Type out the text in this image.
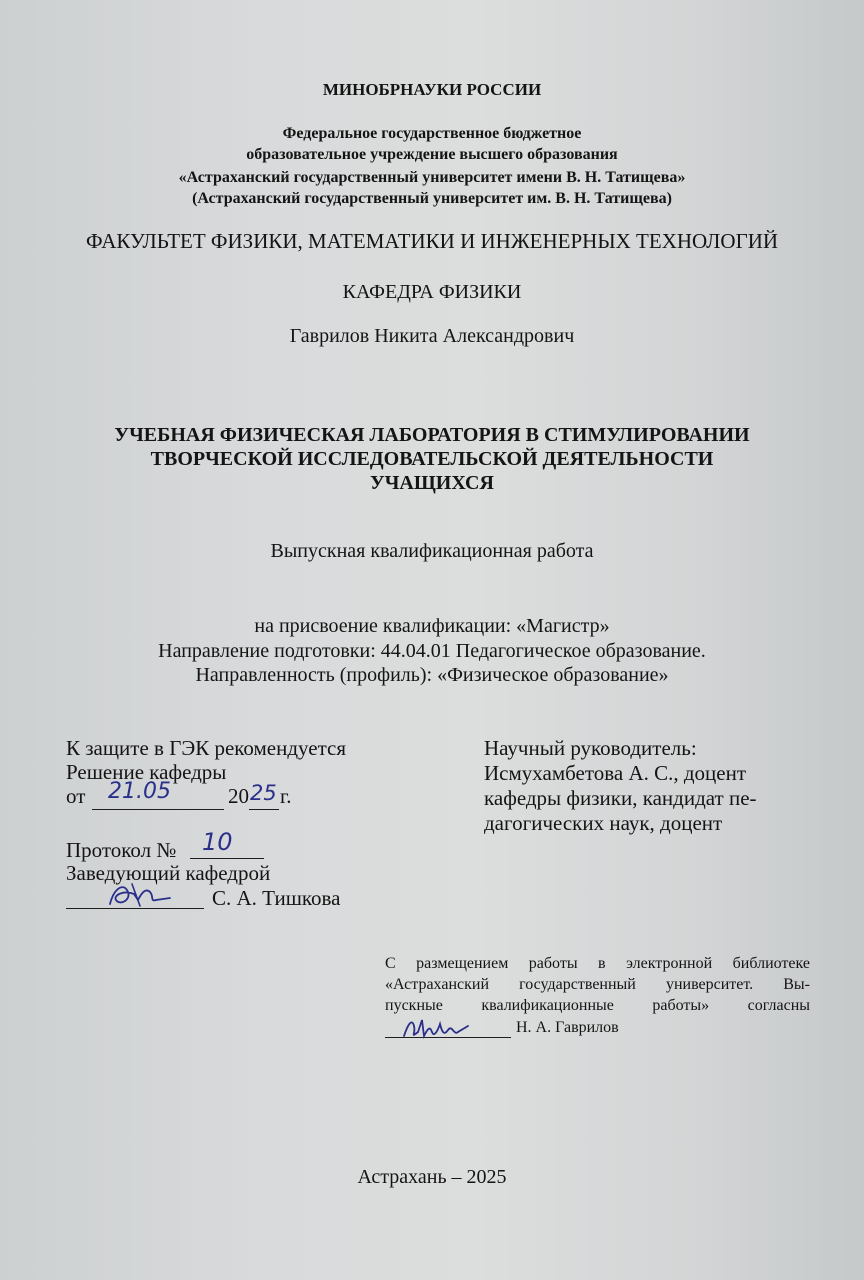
МИНОБРНАУКИ РОССИИ
Федеральное государственное бюджетное
образовательное учреждение высшего образования
«Астраханский государственный университет имени В. Н. Татищева»
(Астраханский государственный университет им. В. Н. Татищева)
ФАКУЛЬТЕТ ФИЗИКИ, МАТЕМАТИКИ И ИНЖЕНЕРНЫХ ТЕХНОЛОГИЙ
КАФЕДРА ФИЗИКИ
Гаврилов Никита Александрович
УЧЕБНАЯ ФИЗИЧЕСКАЯ ЛАБОРАТОРИЯ В СТИМУЛИРОВАНИИ
ТВОРЧЕСКОЙ ИССЛЕДОВАТЕЛЬСКОЙ ДЕЯТЕЛЬНОСТИ
УЧАЩИХСЯ
Выпускная квалификационная работа
на присвоение квалификации: «Магистр»
Направление подготовки: 44.04.01 Педагогическое образование.
Направленность (профиль): «Физическое образование»
К защите в ГЭК рекомендуется
Решение кафедры
от 21.05	20 25 г.
Протокол № 10
Заведующий кафедрой
С. А. Тишкова
Научный руководитель:
Исмухамбетова А. С., доцент
кафедры физики, кандидат пе-
дагогических наук, доцент
С размещением работы в электронной библиотеке
«Астраханский государственный университет. Вы-
пускные квалификационные работы» согласны
Н. А. Гаврилов
Астрахань – 2025
